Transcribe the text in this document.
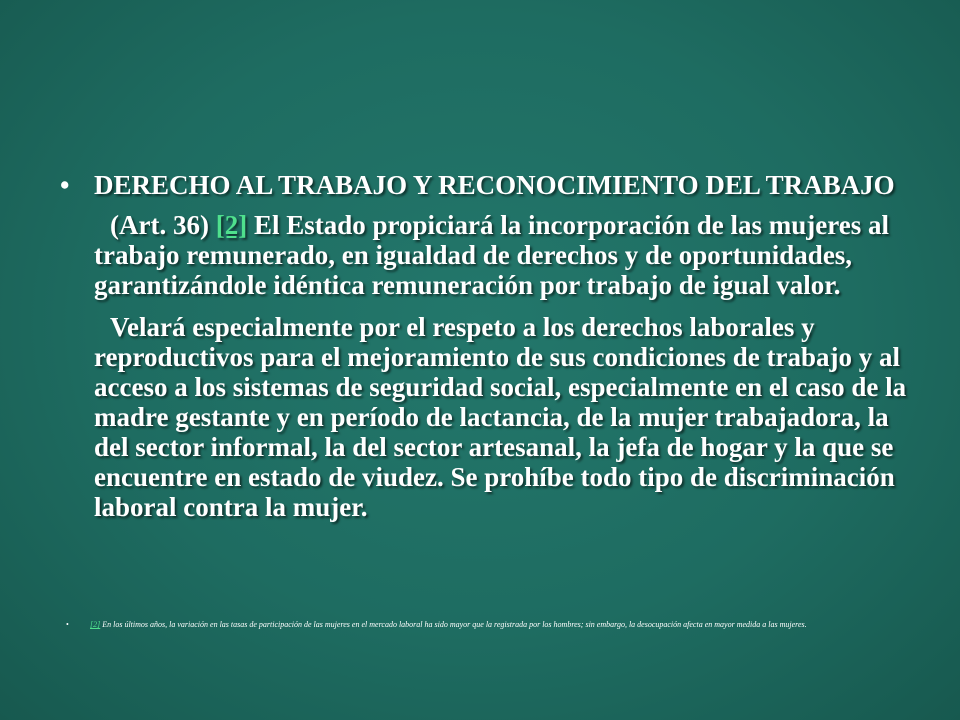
• DERECHO AL TRABAJO Y RECONOCIMIENTO DEL TRABAJO

(Art. 36) [2] El Estado propiciará la incorporación de las mujeres al trabajo remunerado, en igualdad de derechos y de oportunidades, garantizándole idéntica remuneración por trabajo de igual valor.

Velará especialmente por el respeto a los derechos laborales y reproductivos para el mejoramiento de sus condiciones de trabajo y al acceso a los sistemas de seguridad social, especialmente en el caso de la madre gestante y en período de lactancia, de la mujer trabajadora, la del sector informal, la del sector artesanal, la jefa de hogar y la que se encuentre en estado de viudez. Se prohíbe todo tipo de discriminación laboral contra la mujer.

•	[2] En los últimos años, la variación en las tasas de participación de las mujeres en el mercado laboral ha sido mayor que la registrada por los hombres; sin embargo, la desocupación afecta en mayor medida a las mujeres.
